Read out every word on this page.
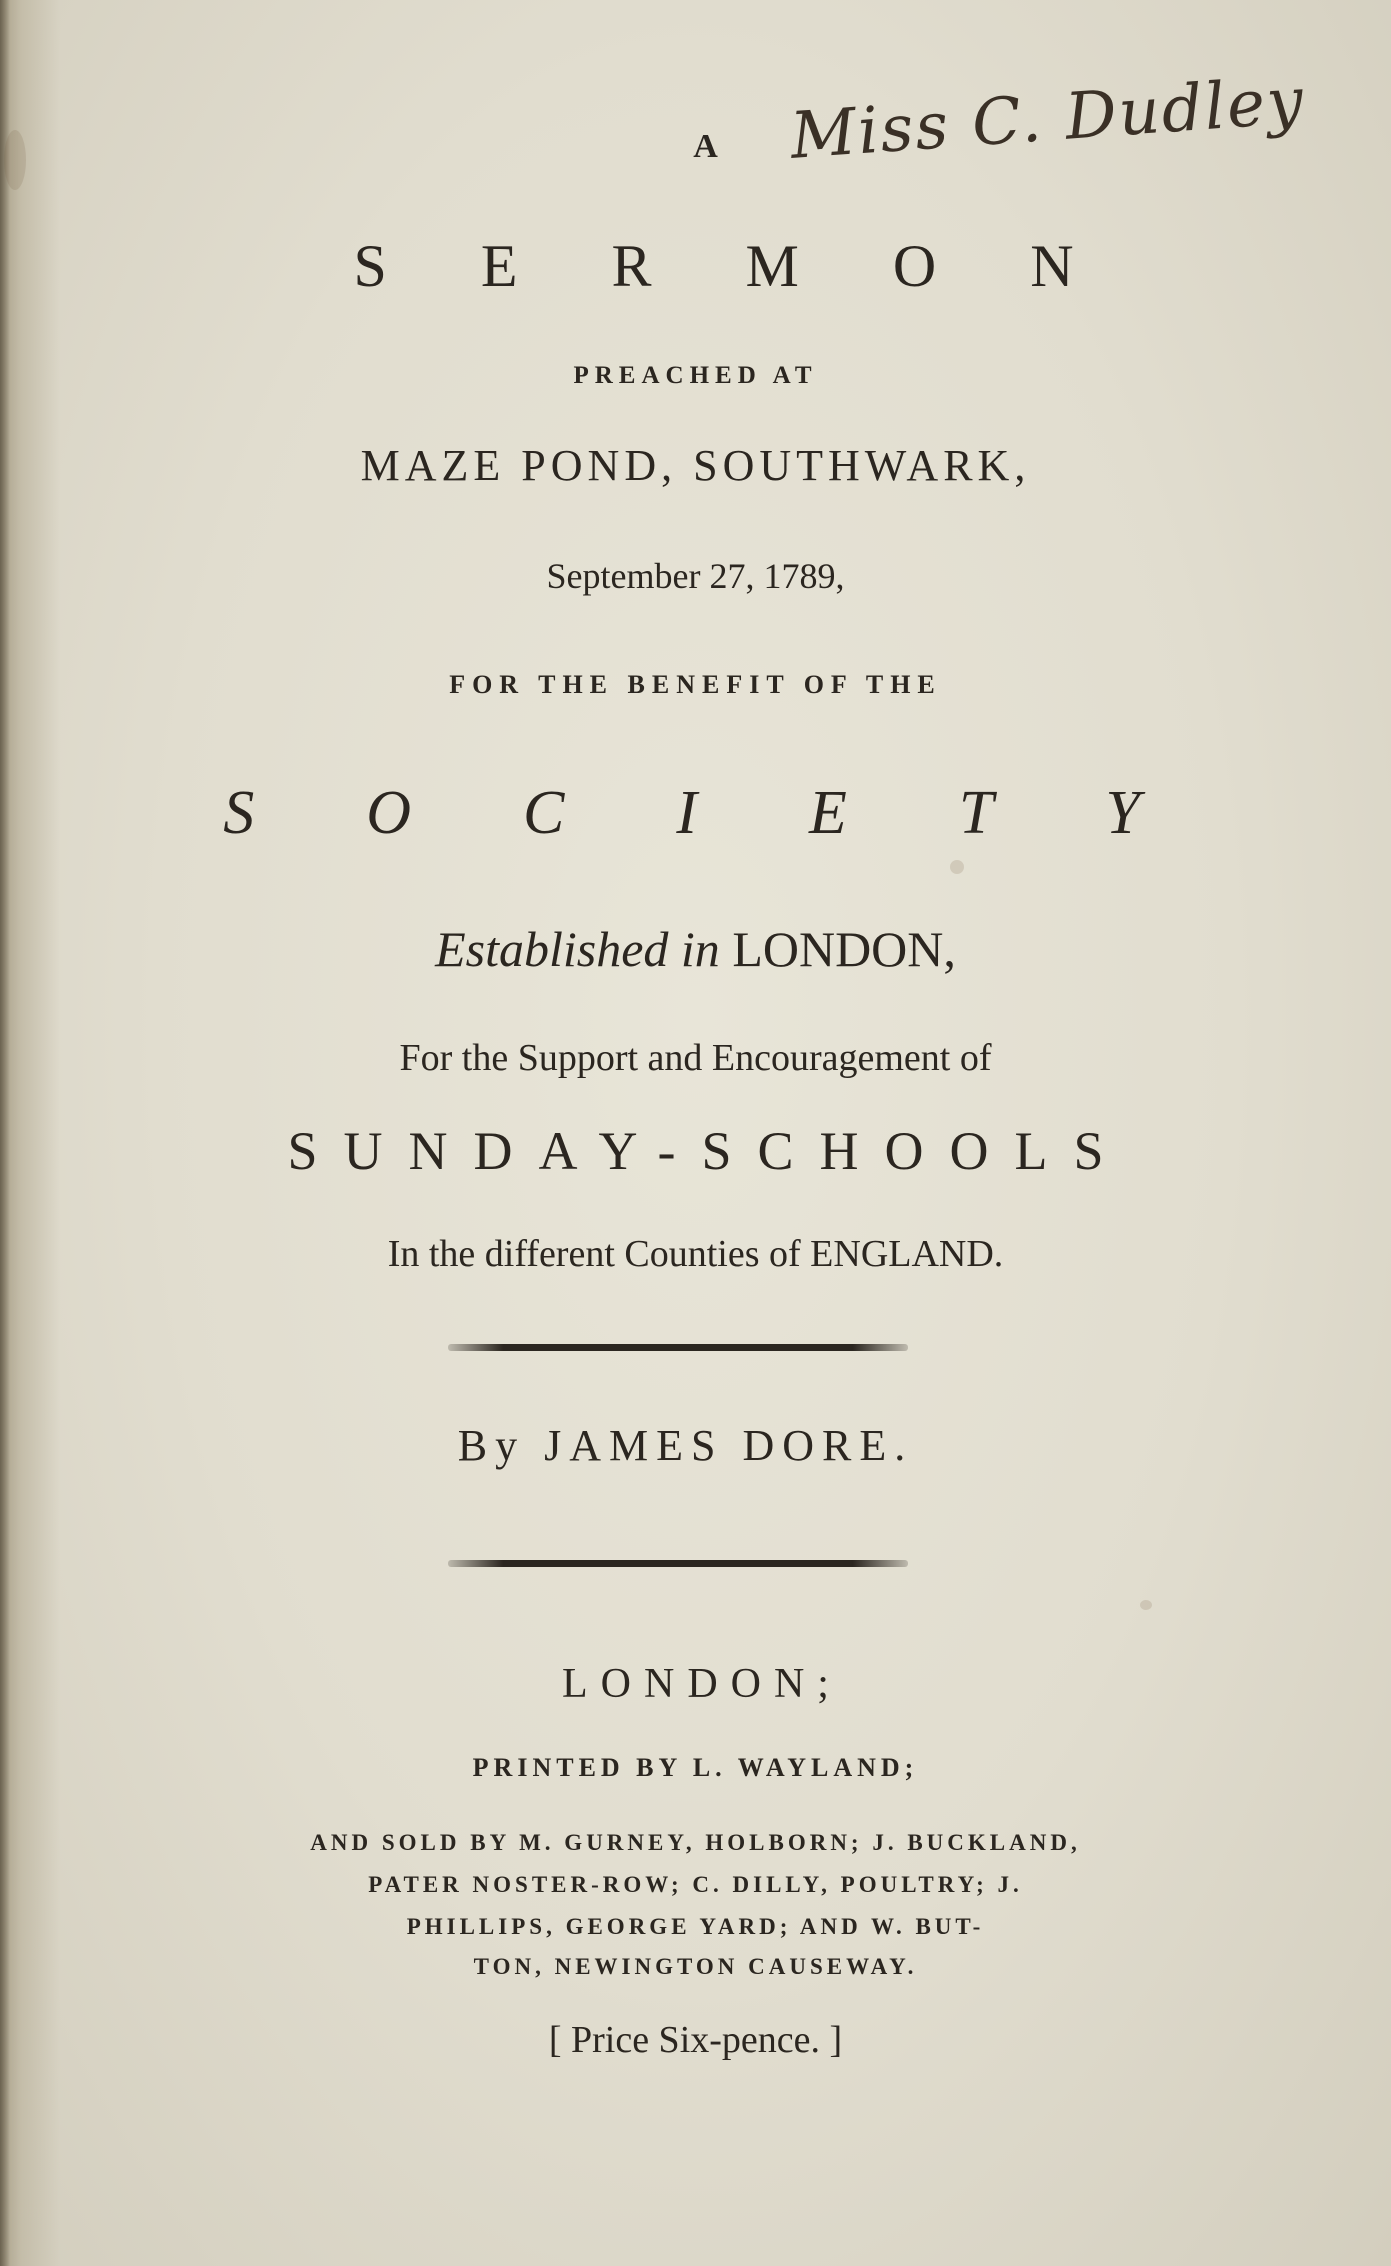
Miss C. Dudley
A
SERMON
PREACHED AT
MAZE POND, SOUTHWARK,
September 27, 1789,
FOR THE BENEFIT OF THE
SOCIETY
Established in LONDON,
For the Support and Encouragement of
SUNDAY-SCHOOLS
In the different Counties of ENGLAND.
By JAMES DORE.
LONDON;
PRINTED BY L. WAYLAND;
AND SOLD BY M. GURNEY, HOLBORN; J. BUCKLAND,
PATER NOSTER-ROW; C. DILLY, POULTRY; J.
PHILLIPS, GEORGE YARD; AND W. BUT-
TON, NEWINGTON CAUSEWAY.
[ Price Six-pence. ]
